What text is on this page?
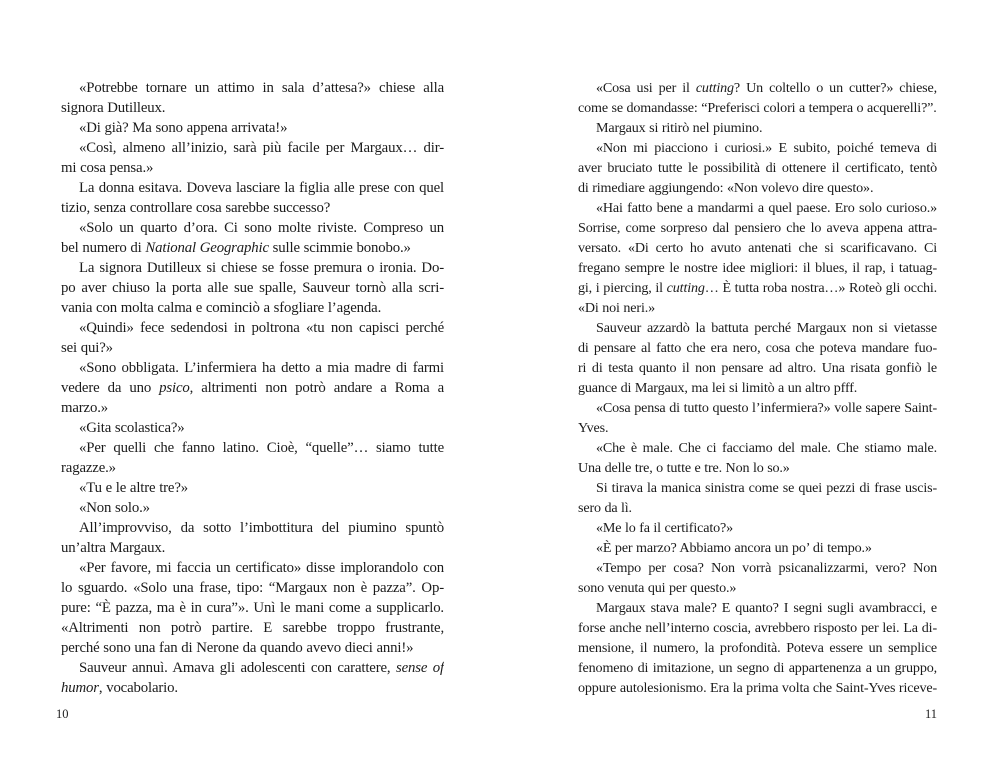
«Potrebbe tornare un attimo in sala d’attesa?» chiese alla
signora Dutilleux.
«Di già? Ma sono appena arrivata!»
«Così, almeno all’inizio, sarà più facile per Margaux… dir-
mi cosa pensa.»
La donna esitava. Doveva lasciare la figlia alle prese con quel
tizio, senza controllare cosa sarebbe successo?
«Solo un quarto d’ora. Ci sono molte riviste. Compreso un
bel numero di National Geographic sulle scimmie bonobo.»
La signora Dutilleux si chiese se fosse premura o ironia. Do-
po aver chiuso la porta alle sue spalle, Sauveur tornò alla scri-
vania con molta calma e cominciò a sfogliare l’agenda.
«Quindi» fece sedendosi in poltrona «tu non capisci perché
sei qui?»
«Sono obbligata. L’infermiera ha detto a mia madre di farmi
vedere da uno psico, altrimenti non potrò andare a Roma a
marzo.»
«Gita scolastica?»
«Per quelli che fanno latino. Cioè, “quelle”… siamo tutte
ragazze.»
«Tu e le altre tre?»
«Non solo.»
All’improvviso, da sotto l’imbottitura del piumino spuntò
un’altra Margaux.
«Per favore, mi faccia un certificato» disse implorandolo con
lo sguardo. «Solo una frase, tipo: “Margaux non è pazza”. Op-
pure: “È pazza, ma è in cura”». Unì le mani come a supplicarlo.
«Altrimenti non potrò partire. E sarebbe troppo frustrante,
perché sono una fan di Nerone da quando avevo dieci anni!»
Sauveur annuì. Amava gli adolescenti con carattere, sense of
humor, vocabolario.
«Cosa usi per il cutting? Un coltello o un cutter?» chiese,
come se domandasse: “Preferisci colori a tempera o acquerelli?”.
Margaux si ritirò nel piumino.
«Non mi piacciono i curiosi.» E subito, poiché temeva di
aver bruciato tutte le possibilità di ottenere il certificato, tentò
di rimediare aggiungendo: «Non volevo dire questo».
«Hai fatto bene a mandarmi a quel paese. Ero solo curioso.»
Sorrise, come sorpreso dal pensiero che lo aveva appena attra-
versato. «Di certo ho avuto antenati che si scarificavano. Ci
fregano sempre le nostre idee migliori: il blues, il rap, i tatuag-
gi, i piercing, il cutting… È tutta roba nostra…» Roteò gli occhi.
«Di noi neri.»
Sauveur azzardò la battuta perché Margaux non si vietasse
di pensare al fatto che era nero, cosa che poteva mandare fuo-
ri di testa quanto il non pensare ad altro. Una risata gonfiò le
guance di Margaux, ma lei si limitò a un altro pfff.
«Cosa pensa di tutto questo l’infermiera?» volle sapere Saint-
Yves.
«Che è male. Che ci facciamo del male. Che stiamo male.
Una delle tre, o tutte e tre. Non lo so.»
Si tirava la manica sinistra come se quei pezzi di frase uscis-
sero da lì.
«Me lo fa il certificato?»
«È per marzo? Abbiamo ancora un po’ di tempo.»
«Tempo per cosa? Non vorrà psicanalizzarmi, vero? Non
sono venuta qui per questo.»
Margaux stava male? E quanto? I segni sugli avambracci, e
forse anche nell’interno coscia, avrebbero risposto per lei. La di-
mensione, il numero, la profondità. Poteva essere un semplice
fenomeno di imitazione, un segno di appartenenza a un gruppo,
oppure autolesionismo. Era la prima volta che Saint-Yves riceve-
10	11
